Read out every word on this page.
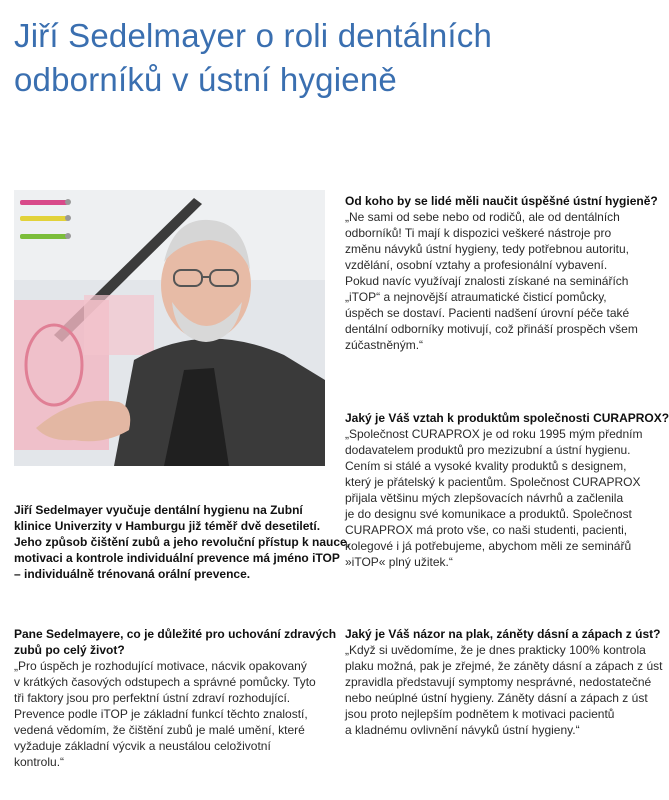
Jiří Sedelmayer o roli dentálních
odborníků v ústní hygieně
Jiří Sedelmayer vyučuje dentální hygienu na Zubní
klinice Univerzity v Hamburgu již téměř dvě desetiletí.
Jeho způsob čištění zubů a jeho revoluční přístup k nauce,
motivaci a kontrole individuální prevence má jméno iTOP
– individuálně trénovaná orální prevence.
Pane Sedelmayere, co je důležité pro uchování zdravých
zubů po celý život?
„Pro úspěch je rozhodující motivace, nácvik opakovaný
v krátkých časových odstupech a správné pomůcky. Tyto
tři faktory jsou pro perfektní ústní zdraví rozhodující.
Prevence podle iTOP je základní funkcí těchto znalostí,
vedená vědomím, že čištění zubů je malé umění, které
vyžaduje základní výcvik a neustálou celoživotní
kontrolu.“
Od koho by se lidé měli naučit úspěšné ústní hygieně?
„Ne sami od sebe nebo od rodičů, ale od dentálních
odborníků! Ti mají k dispozici veškeré nástroje pro
změnu návyků ústní hygieny, tedy potřebnou autoritu,
vzdělání, osobní vztahy a profesionální vybavení.
Pokud navíc využívají znalosti získané na seminářích
„iTOP“ a nejnovější atraumatické čisticí pomůcky,
úspěch se dostaví. Pacienti nadšení úrovní péče také
dentální odborníky motivují, což přináší prospěch všem
zúčastněným.“
Jaký je Váš vztah k produktům společnosti CURAPROX?
„Společnost CURAPROX je od roku 1995 mým předním
dodavatelem produktů pro mezizubní a ústní hygienu.
Cením si stálé a vysoké kvality produktů s designem,
který je přátelský k pacientům. Společnost CURAPROX
přijala většinu mých zlepšovacích návrhů a začlenila
je do designu své komunikace a produktů. Společnost
CURAPROX má proto vše, co naši studenti, pacienti,
kolegové i já potřebujeme, abychom měli ze seminářů
»iTOP« plný užitek.“
Jaký je Váš názor na plak, záněty dásní a zápach z úst?
„Když si uvědomíme, že je dnes prakticky 100% kontrola
plaku možná, pak je zřejmé, že záněty dásní a zápach z úst
zpravidla představují symptomy nesprávné, nedostatečné
nebo neúplné ústní hygieny. Záněty dásní a zápach z úst
jsou proto nejlepším podnětem k motivaci pacientů
a kladnému ovlivnění návyků ústní hygieny.“
